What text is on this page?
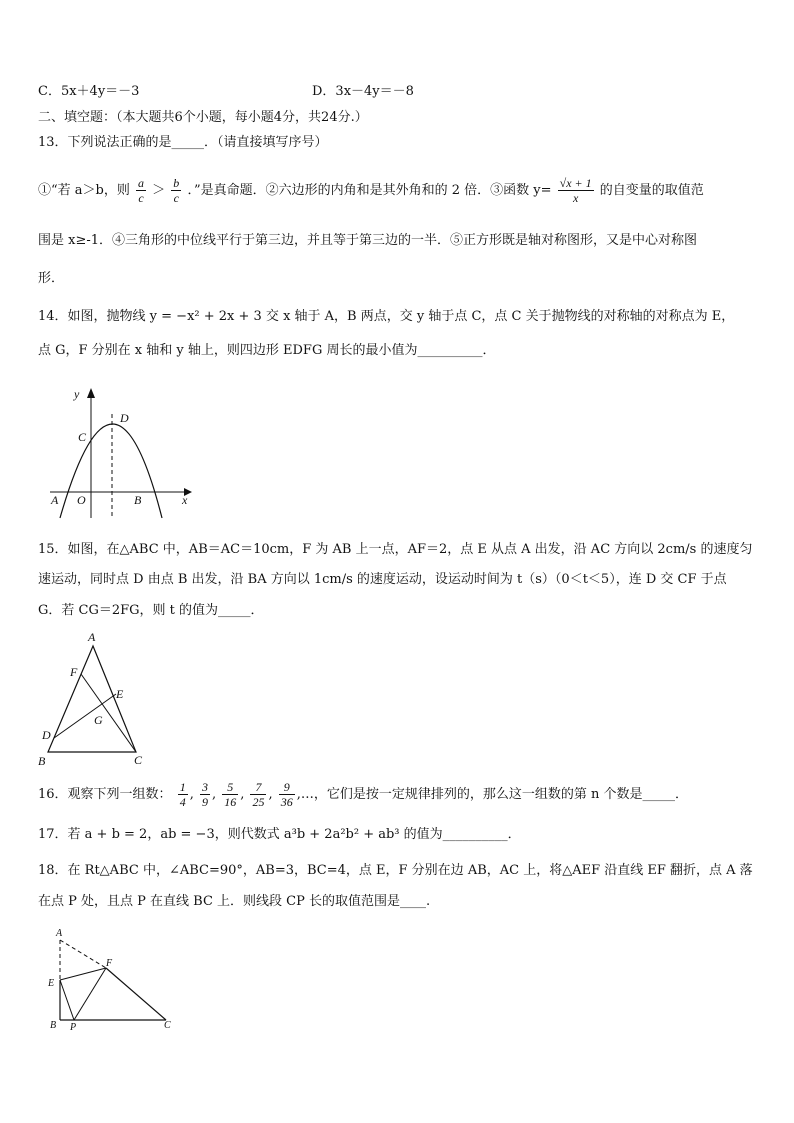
C．5x＋4y＝－3	D．3x－4y＝－8
二、填空题：（本大题共6个小题，每小题4分，共24分.）
13．下列说法正确的是_____．（请直接填写序号）
①“若 a＞b，则 $\frac{a}{c} > \frac{b}{c}$ ．”是真命题．②六边形的内角和是其外角和的 2 倍．③函数 $y= \frac{√x + 1}{x}$ 的自变量的取值范
围是 x≥-1．④三角形的中位线平行于第三边，并且等于第三边的一半．⑤正方形既是轴对称图形，又是中心对称图
形．
14．如图，抛物线 y = −x² + 2x + 3 交 x 轴于 A，B 两点，交 y 轴于点 C，点 C 关于抛物线的对称轴的对称点为 E，
点 G，F 分别在 x 轴和 y 轴上，则四边形 EDFG 周长的最小值为__________．
y
x
D
C
A O	B
15．如图，在△ABC 中，AB＝AC＝10cm，F 为 AB 上一点，AF＝2，点 E 从点 A 出发，沿 AC 方向以 2cm/s 的速度匀
速运动，同时点 D 由点 B 出发，沿 BA 方向以 1cm/s 的速度运动，设运动时间为 t（s）（0＜t＜5），连 D 交 CF 于点
G．若 CG＝2FG，则 t 的值为_____．
A
F
E
G
D
B	C
16．观察下列一组数： $\frac{1}{4}$ , $\frac{3}{9}$ , $\frac{5}{16}$ , $\frac{7}{25}$ , $\frac{9}{36}$ ,…，它们是按一定规律排列的，那么这一组数的第 n 个数是_____．
17．若 a + b = 2，ab = −3，则代数式 a³b + 2a²b² + ab³ 的值为__________．
18．在 Rt△ABC 中，∠ABC=90°，AB=3，BC=4，点 E，F 分别在边 AB，AC 上，将△AEF 沿直线 EF 翻折，点 A 落
在点 P 处，且点 P 在直线 BC 上．则线段 CP 长的取值范围是____.
A
E
F
B P	C
